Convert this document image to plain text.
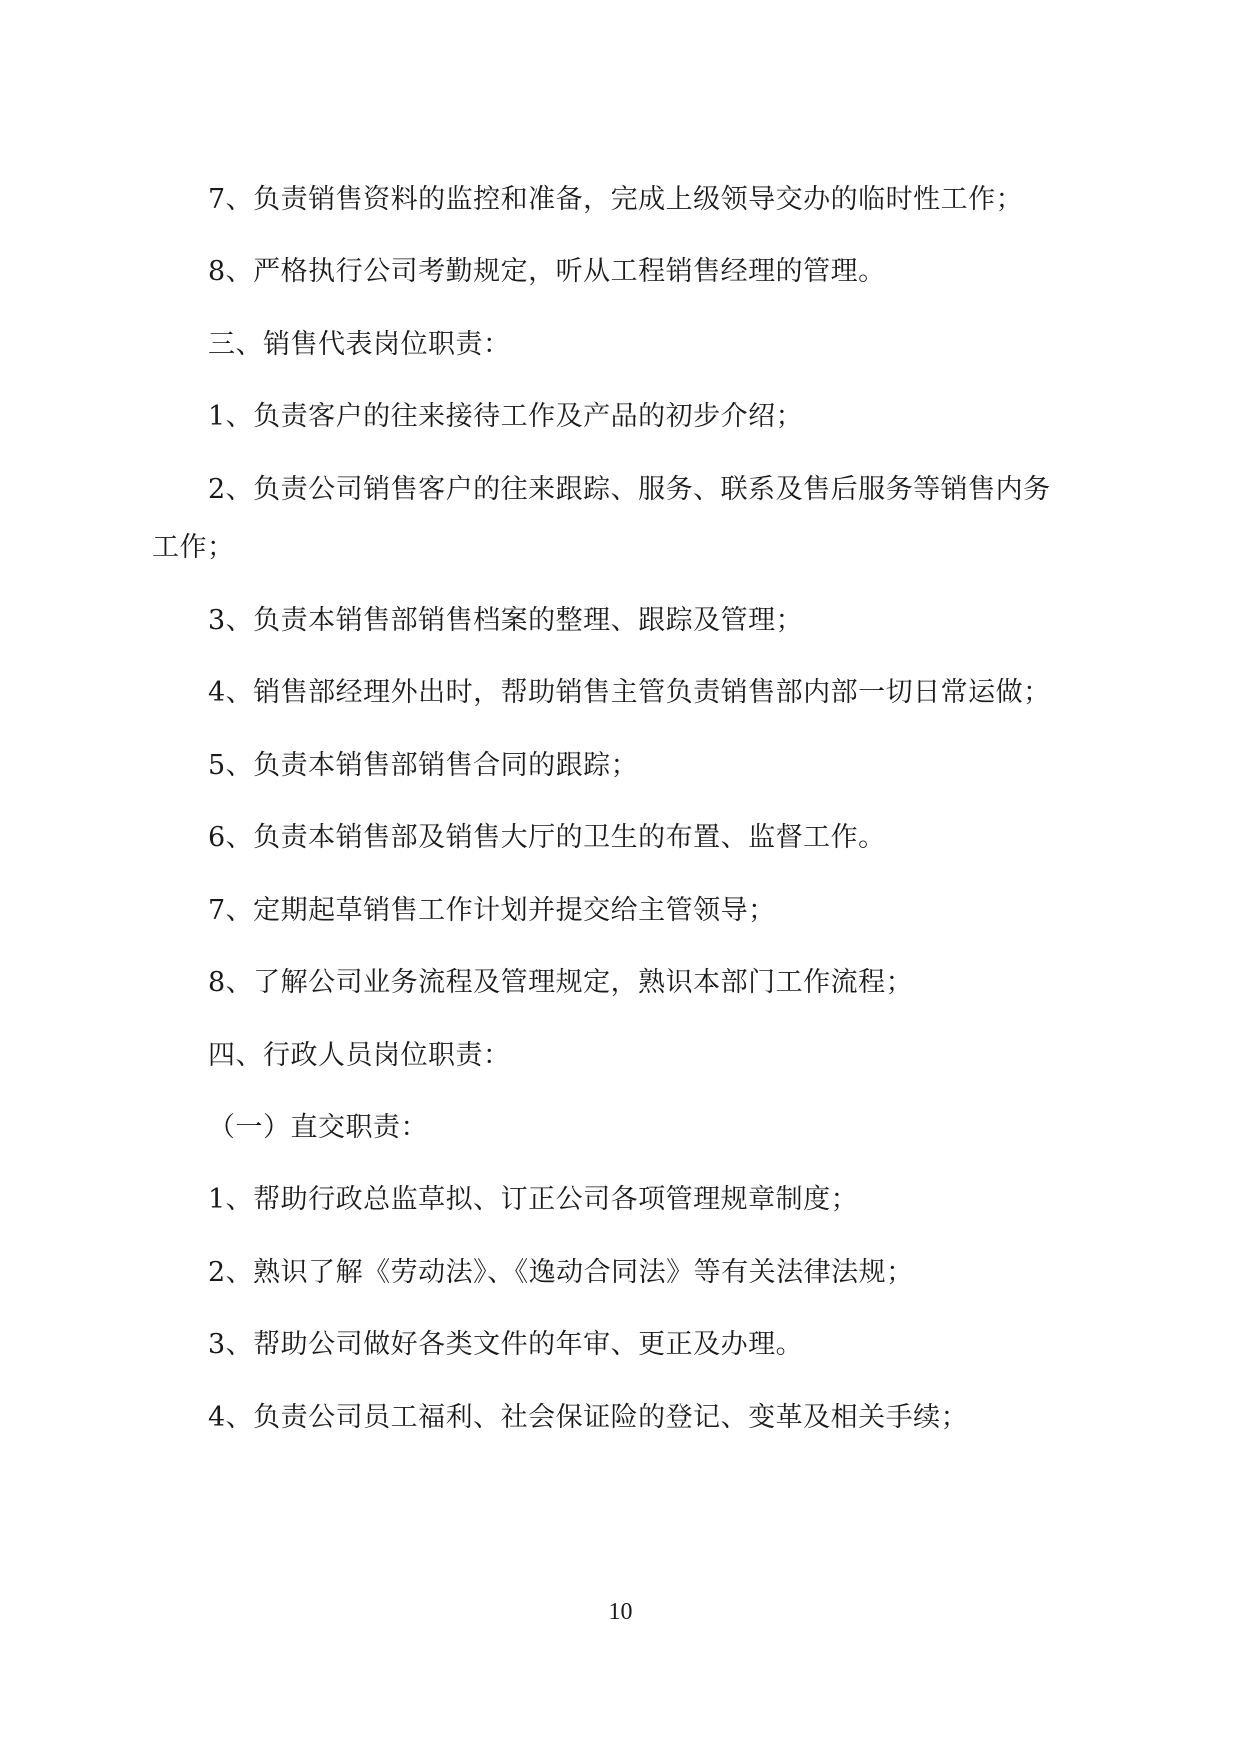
7、负责销售资料的监控和准备，完成上级领导交办的临时性工作；
8、严格执行公司考勤规定，听从工程销售经理的管理。
三、销售代表岗位职责：
1、负责客户的往来接待工作及产品的初步介绍；
2、负责公司销售客户的往来跟踪、服务、联系及售后服务等销售内务
工作；
3、负责本销售部销售档案的整理、跟踪及管理；
4、销售部经理外出时，帮助销售主管负责销售部内部一切日常运做；
5、负责本销售部销售合同的跟踪；
6、负责本销售部及销售大厅的卫生的布置、监督工作。
7、定期起草销售工作计划并提交给主管领导；
8、了解公司业务流程及管理规定，熟识本部门工作流程；
四、行政人员岗位职责：
（一）直交职责：
1、帮助行政总监草拟、订正公司各项管理规章制度；
2、熟识了解《劳动法》、《逸动合同法》等有关法律法规；
3、帮助公司做好各类文件的年审、更正及办理。
4、负责公司员工福利、社会保证险的登记、变革及相关手续；
10
